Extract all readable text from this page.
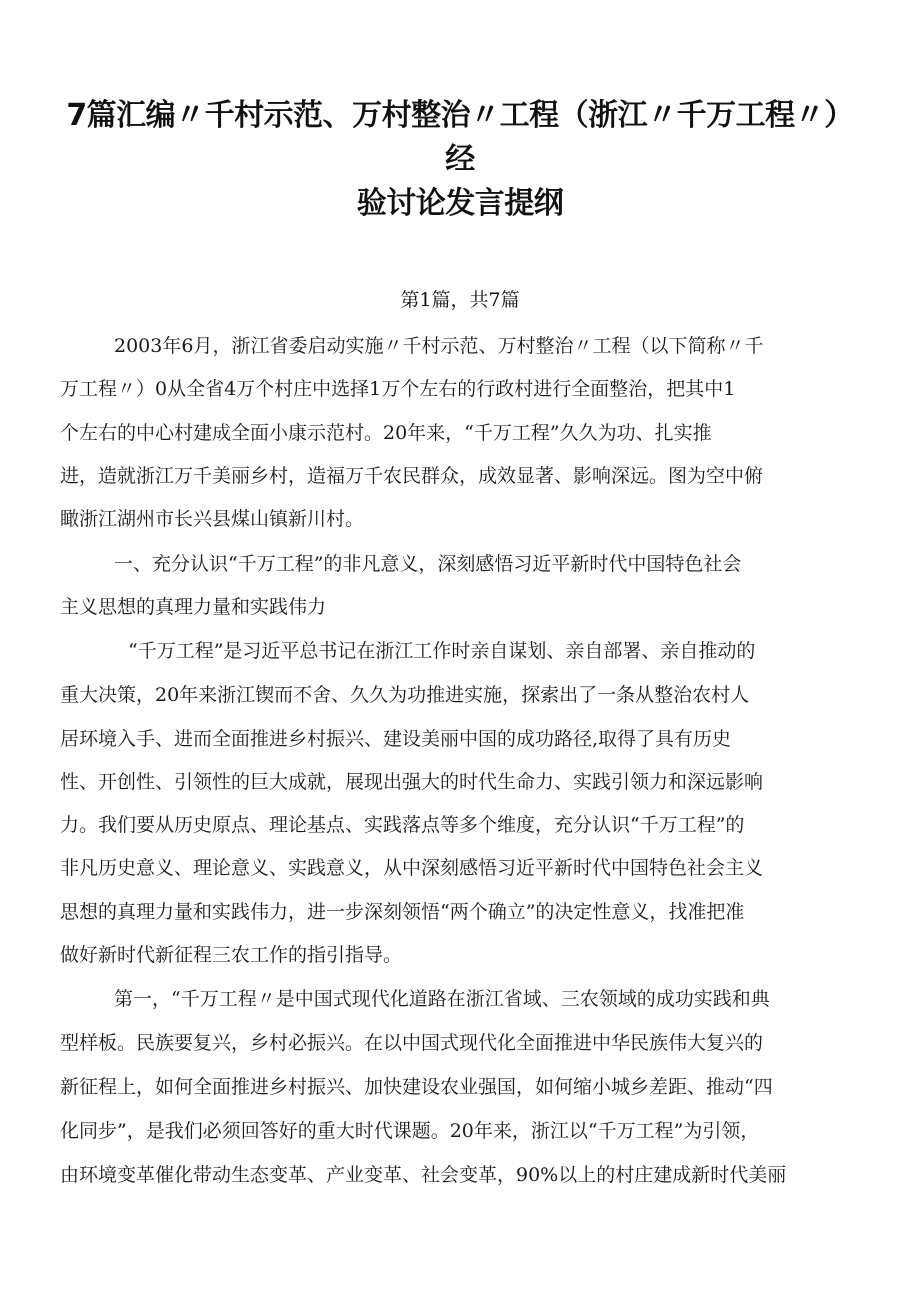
7篇汇编〃千村示范、万村整治〃工程（浙江〃千万工程〃）
经
验讨论发言提纲
第1篇，共7篇
2003年6月，浙江省委启动实施〃千村示范、万村整治〃工程（以下简称〃千
万工程〃）0从全省4万个村庄中选择1万个左右的行政村进行全面整治，把其中1
个左右的中心村建成全面小康示范村。20年来，“千万工程”久久为功、扎实推
进，造就浙江万千美丽乡村，造福万千农民群众，成效显著、影响深远。图为空中俯
瞰浙江湖州市长兴县煤山镇新川村。
一、充分认识“千万工程”的非凡意义，深刻感悟习近平新时代中国特色社会
主义思想的真理力量和实践伟力
“千万工程”是习近平总书记在浙江工作时亲自谋划、亲自部署、亲自推动的
重大决策，20年来浙江锲而不舍、久久为功推进实施，探索出了一条从整治农村人
居环境入手、进而全面推进乡村振兴、建设美丽中国的成功路径,取得了具有历史
性、开创性、引领性的巨大成就，展现出强大的时代生命力、实践引领力和深远影响
力。我们要从历史原点、理论基点、实践落点等多个维度，充分认识“千万工程”的
非凡历史意义、理论意义、实践意义，从中深刻感悟习近平新时代中国特色社会主义
思想的真理力量和实践伟力，进一步深刻领悟“两个确立”的决定性意义，找准把准
做好新时代新征程三农工作的指引指导。
第一，“千万工程〃是中国式现代化道路在浙江省域、三农领域的成功实践和典
型样板。民族要复兴，乡村必振兴。在以中国式现代化全面推进中华民族伟大复兴的
新征程上，如何全面推进乡村振兴、加快建设农业强国，如何缩小城乡差距、推动“四
化同步”，是我们必须回答好的重大时代课题。20年来，浙江以“千万工程”为引领，
由环境变革催化带动生态变革、产业变革、社会变革，90%以上的村庄建成新时代美丽
